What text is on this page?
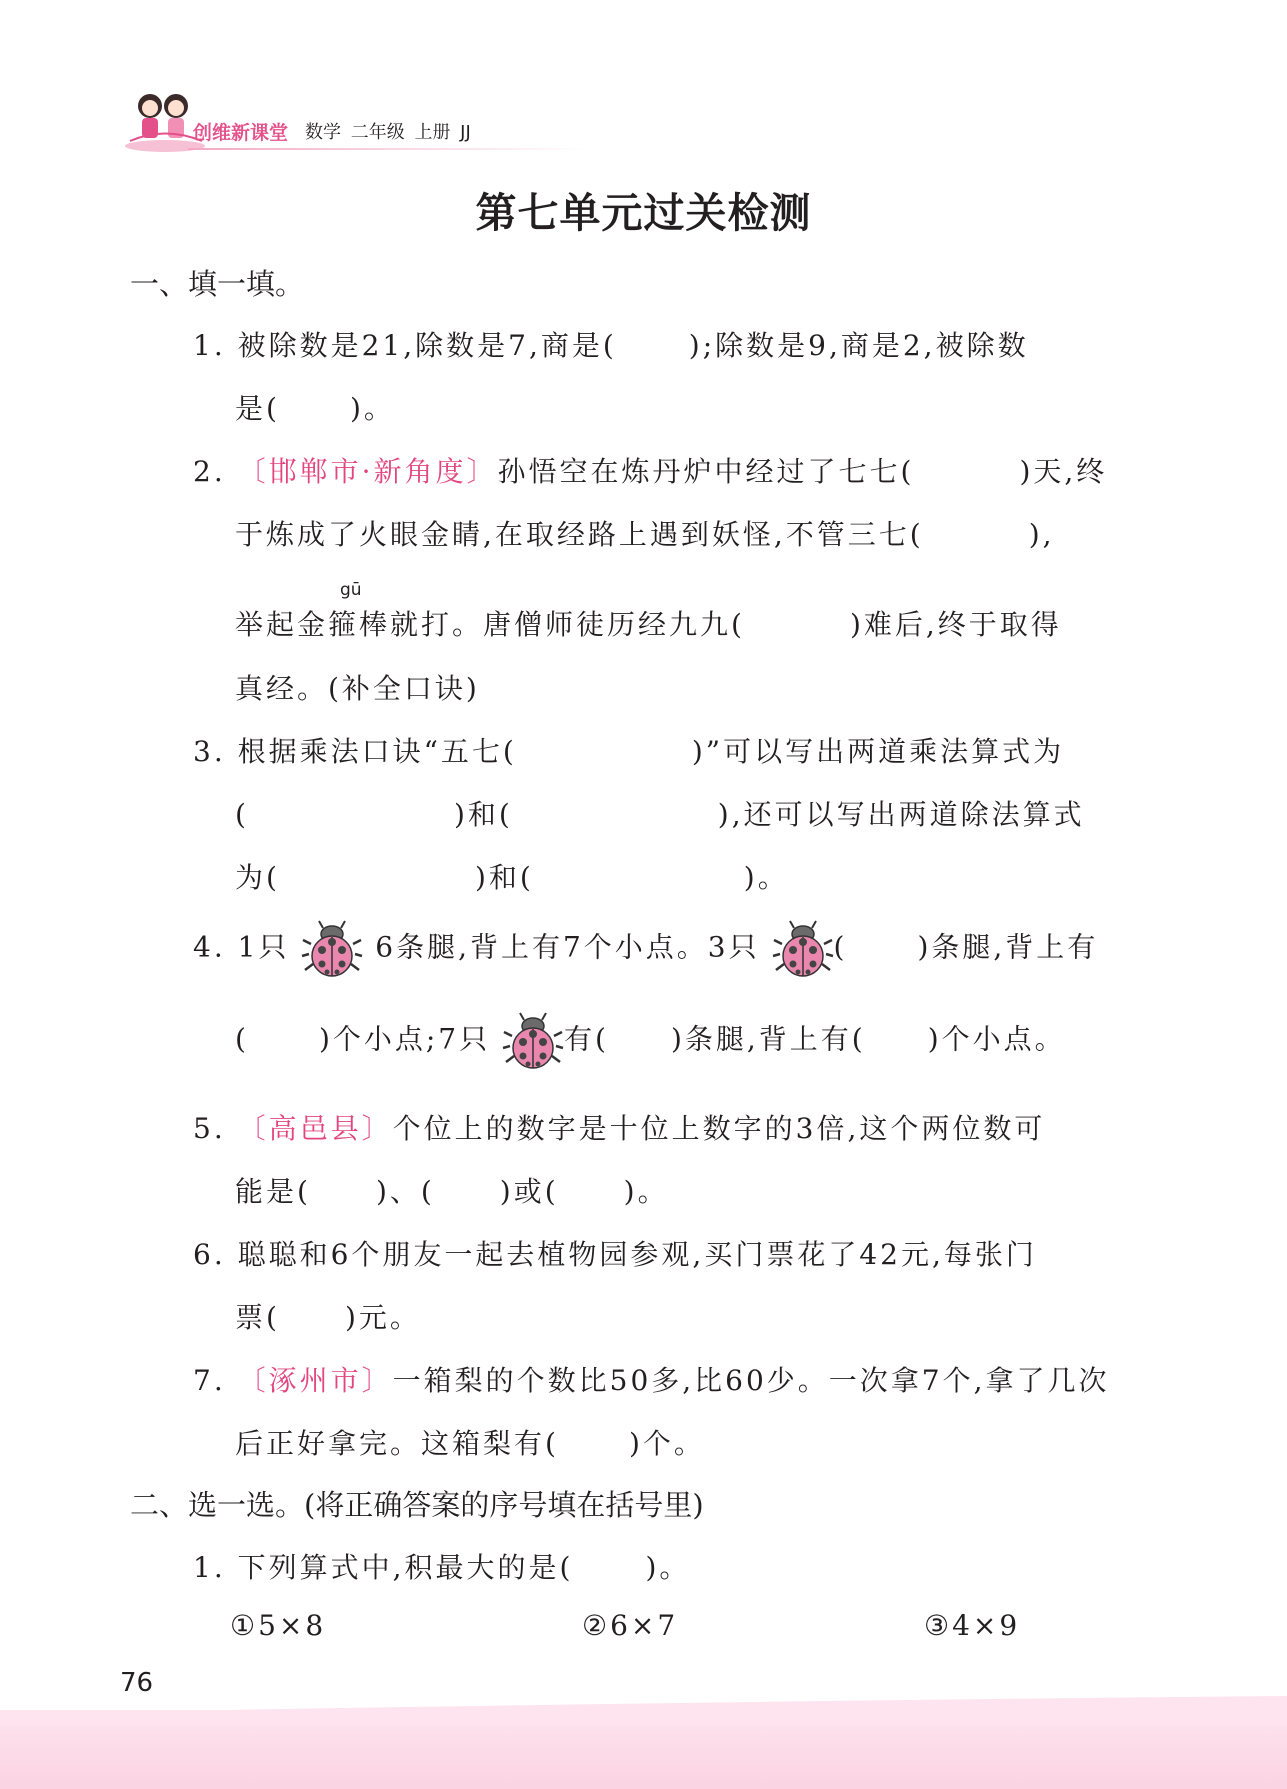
创维新课堂 数学 二年级 上册 JJ
第七单元过关检测
一、填一填。
1. 被除数是21,除数是7,商是(	);除数是9,商是2,被除数
是(	)。
2. 〔邯郸市·新角度〕孙悟空在炼丹炉中经过了七七(	)天,终
于炼成了火眼金睛,在取经路上遇到妖怪,不管三七(	),
gū
举起金箍棒就打。唐僧师徒历经九九(	)难后,终于取得
真经。(补全口诀)
3. 根据乘法口诀“五七(	)”可以写出两道乘法算式为
(	)和(	),还可以写出两道除法算式
为(	)和(	)。
4. 1只	6条腿,背上有7个小点。3只	(	)条腿,背上有
(	)个小点;7只	有( )条腿,背上有( )个小点。
5. 〔高邑县〕个位上的数字是十位上数字的3倍,这个两位数可
能是( )、( )或( )。
6. 聪聪和6个朋友一起去植物园参观,买门票花了42元,每张门
票( )元。
7. 〔涿州市〕一箱梨的个数比50多,比60少。一次拿7个,拿了几次
后正好拿完。这箱梨有(	)个。
二、选一选。(将正确答案的序号填在括号里)
1. 下列算式中,积最大的是(	)。
①5×8	②6×7	③4×9
76
